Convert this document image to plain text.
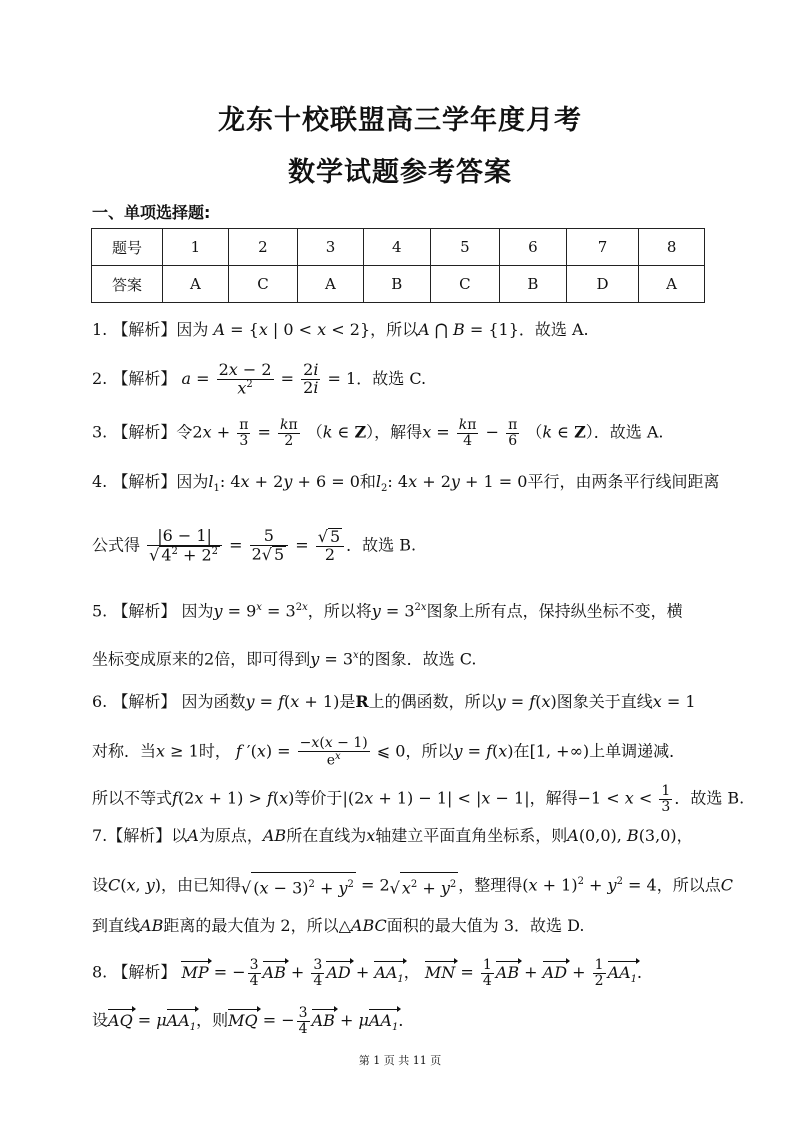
龙东十校联盟高三学年度月考
数学试题参考答案
一、单项选择题:
题号	1	2	3	4	5	6	7	8
答案	A	C	A	B	C	B	D	A
1. 【解析】因为 A = {x | 0 < x < 2}，所以A ⋂ B = {1}．故选 A.
2. 【解析】 $a = \frac{2x - 2}{x^2} = \frac{2i}{2i} = 1$．故选 C.
3. 【解析】令$2x + \frac{\pi}{3} = \frac{k\pi}{2} (k$ ∈ Z），解得$x = \frac{k\pi}{4} - \frac{\pi}{6} (k$ ∈ Z）．故选 A.
4. 【解析】因为$l_1$: 4x + 2y + 6 = 0和$l_2$: 4x + 2y + 1 = 0平行，由两条平行线间距离
公式得 $\frac{|6 - 1|}{√ 4^2 + 2^2} = \frac{5}{2√ 5} = \frac{√ 5}{2}$ ．故选 B.
5. 【解析】 因为$y = 9^x = 3^{2x}$，所以将$y = 3^{2x}$图象上所有点，保持纵坐标不变，横
坐标变成原来的2倍，即可得到$y = 3^x$的图象．故选 C.
6. 【解析】 因为函数y = f(x + 1)是R上的偶函数，所以y = f(x)图象关于直线x = 1
对称．当x ≥ 1时， f $'(x) = \frac{-x(x - 1)}{e^x}$ ⩽ 0，所以y = f(x)在[1, +∞)上单调递减．
所以不等式f(2x + 1) > f(x)等价于|(2x + 1) − 1| < |x − 1|，解得$-1 < x < \frac{1}{3}$ ．故选 B.
7.【解析】以A为原点，AB所在直线为x轴建立平面直角坐标系，则A(0,0), B(3,0)，
设C(x, y)，由已知得√ $(x - 3)^2 + y^2 = 2√$ $x^2 + y^2$ ，整理得$(x + 1)^2 + y^2 = 4$，所以点C
到直线AB距离的最大值为 2，所以△ABC面积的最大值为 3．故选 D.
8. 【解析】 MP = − $\frac{3}{4}$ AB + $\frac{3}{4}$ AD + $AA_1$， MN = $\frac{1}{4}$ AB + AD + $\frac{1}{2} AA_1$．
设AQ = μAA$_1$，则MQ = − $\frac{3}{4}$ AB + μAA$_1$．
第 1 页 共 11 页
